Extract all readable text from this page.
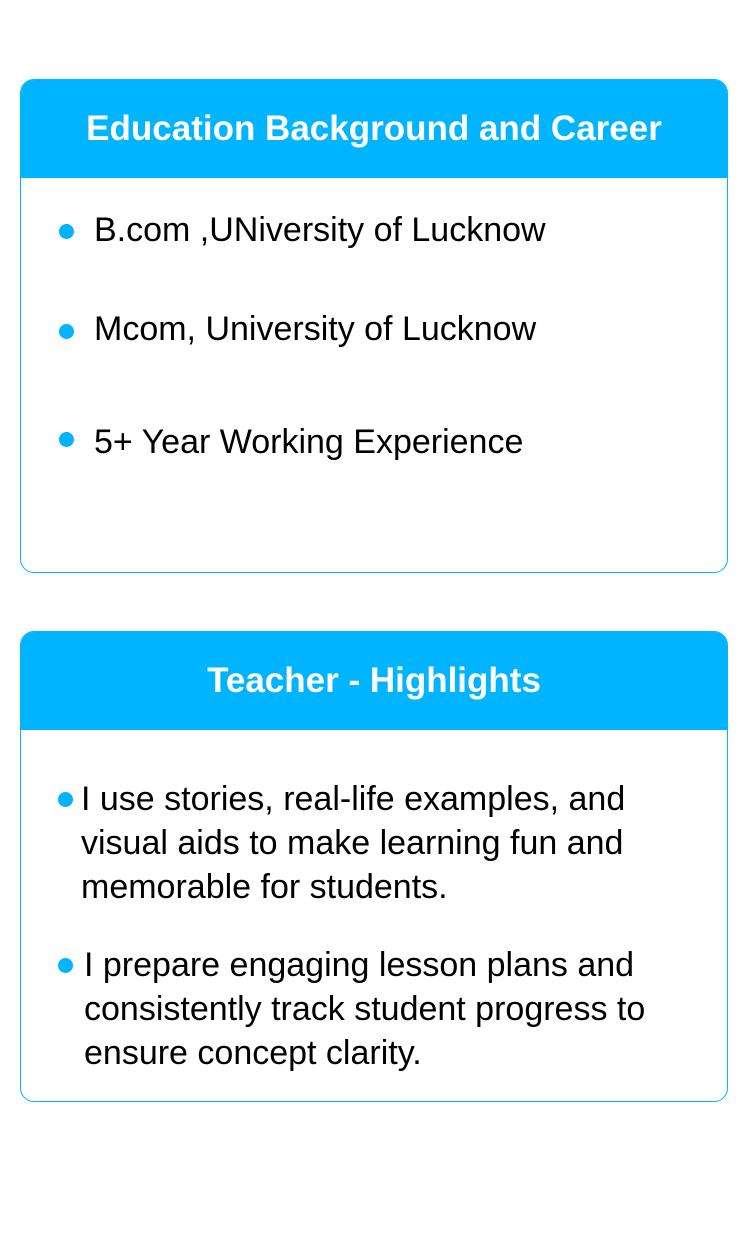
Education Background and Career
B.com ,UNiversity of Lucknow
Mcom, University of Lucknow
5+ Year Working Experience
Teacher - Highlights
I use stories, real-life examples, and visual aids to make learning fun and memorable for students.
I prepare engaging lesson plans and consistently track student progress to ensure concept clarity.
